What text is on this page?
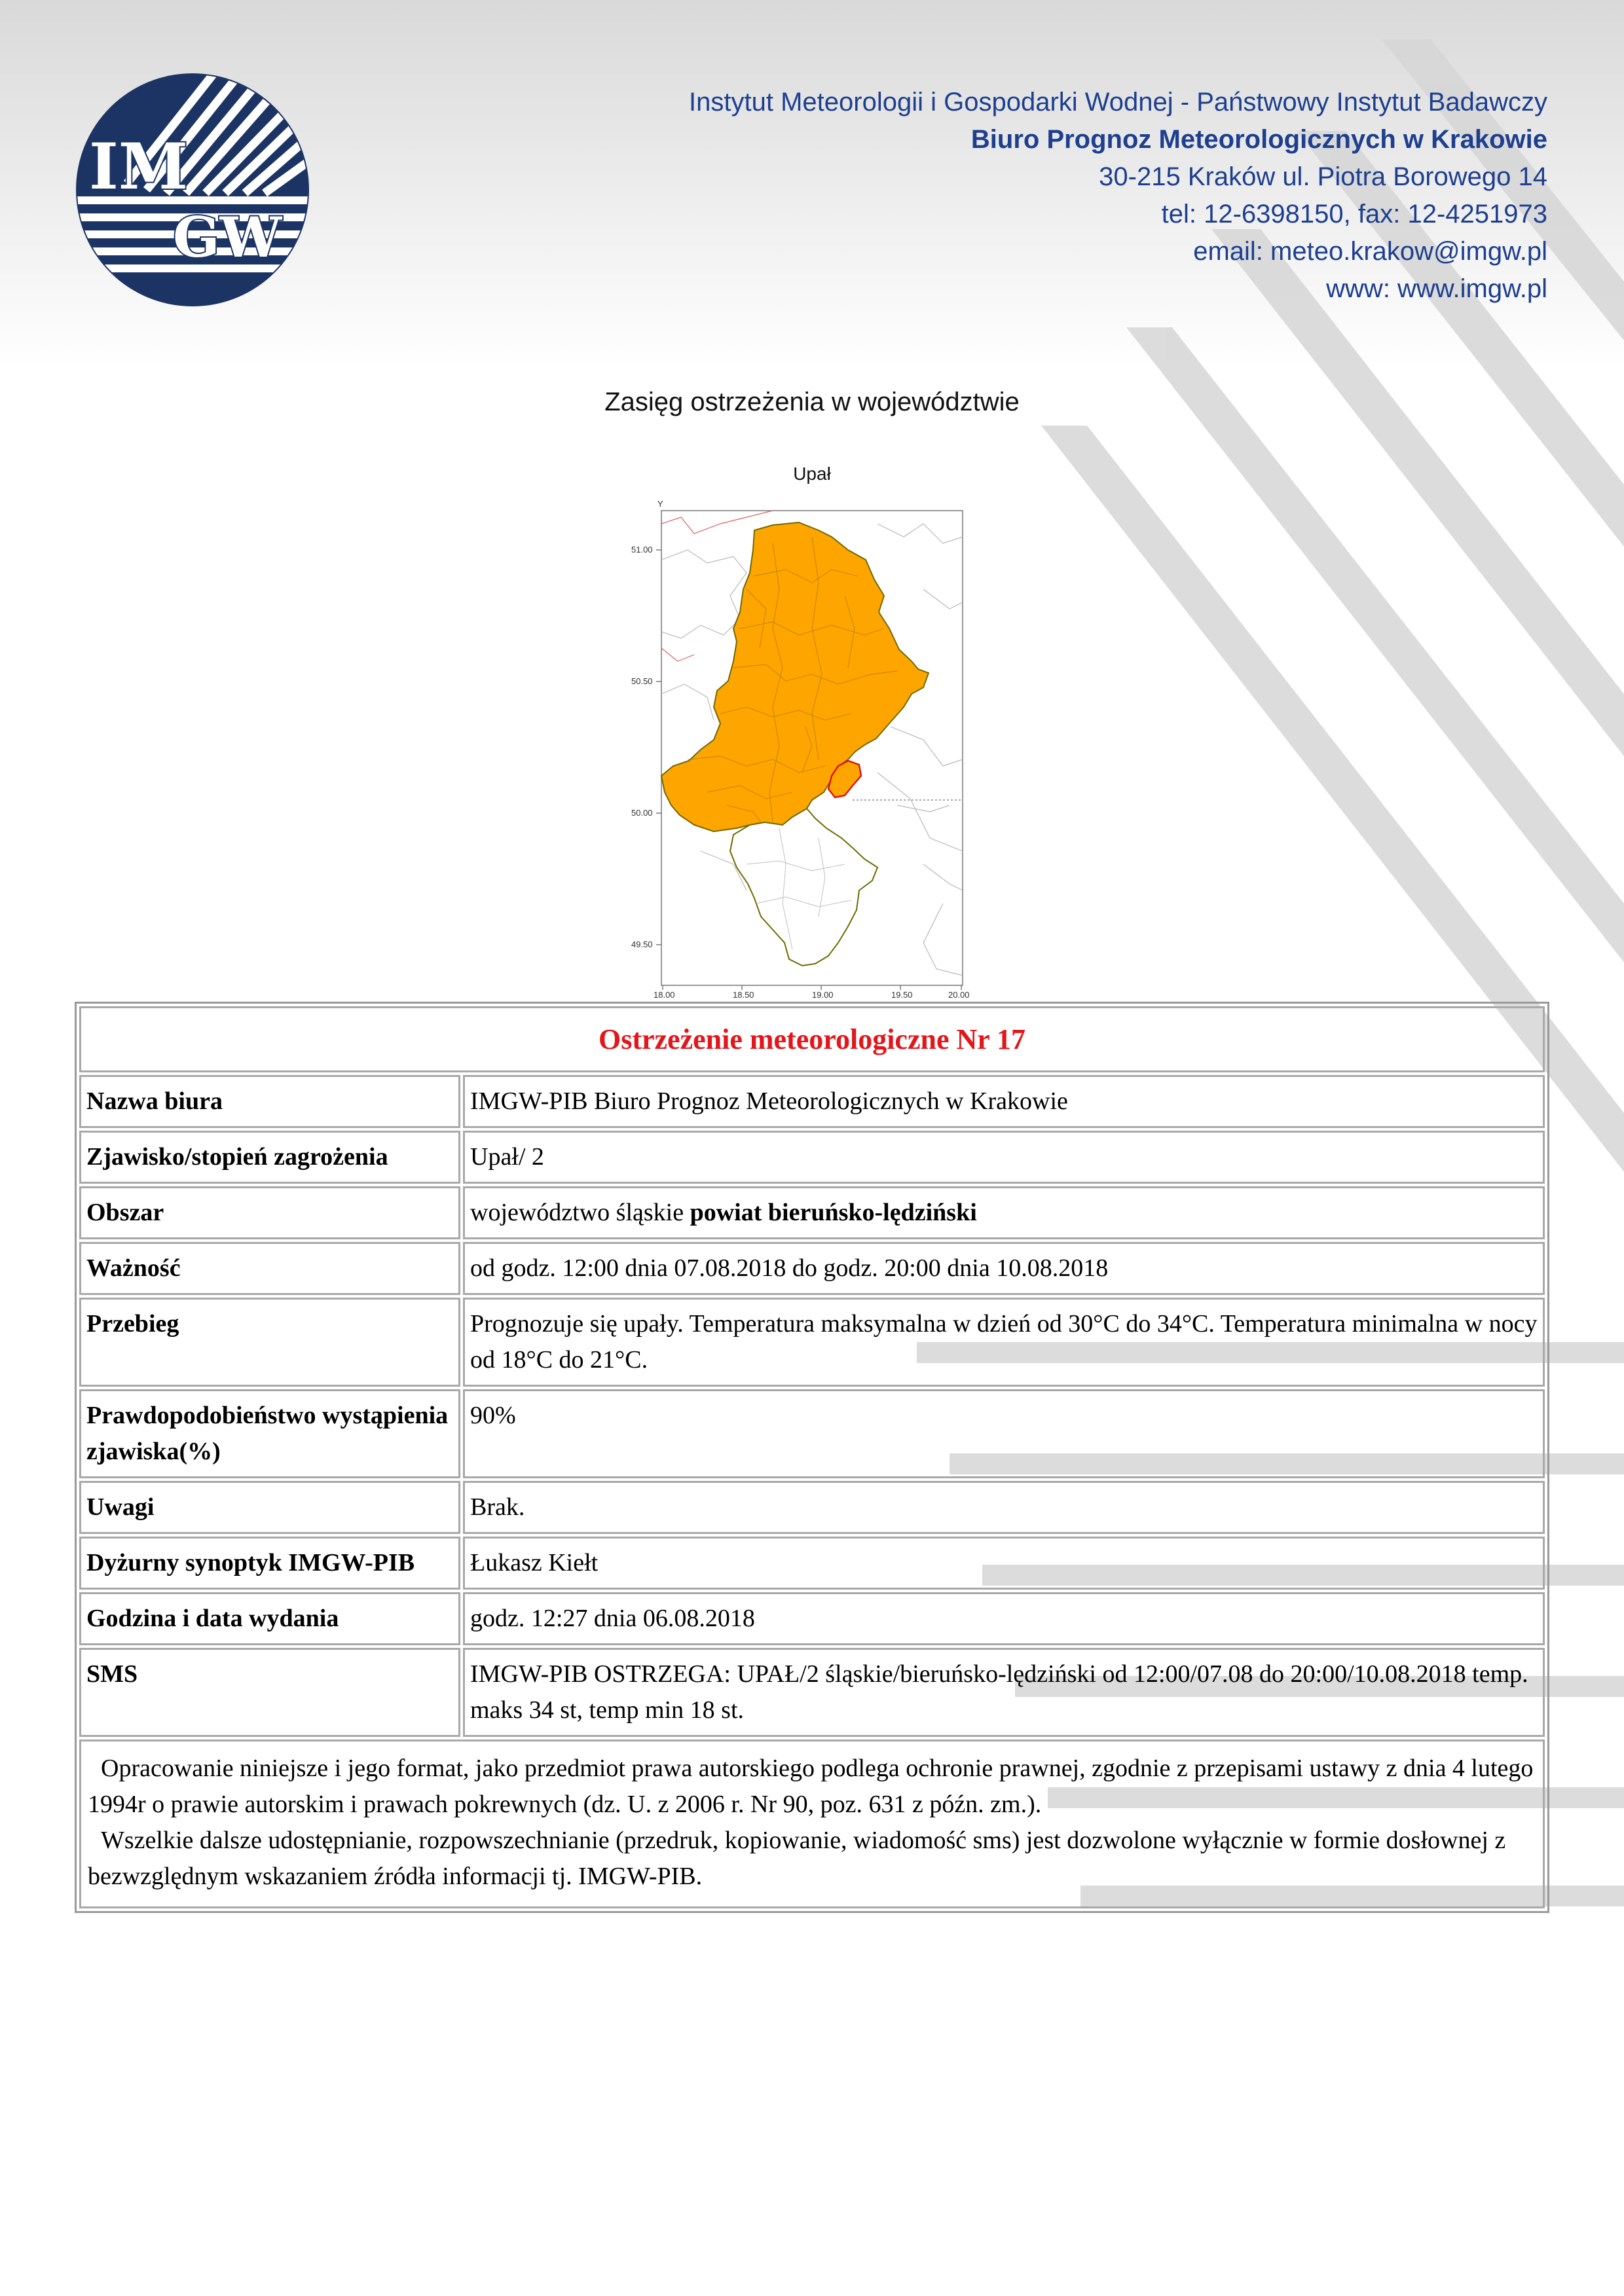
IM
GW
Instytut Meteorologii i Gospodarki Wodnej - Państwowy Instytut Badawczy
Biuro Prognoz Meteorologicznych w Krakowie
30-215 Kraków ul. Piotra Borowego 14
tel: 12-6398150, fax: 12-4251973
email: meteo.krakow@imgw.pl
www: www.imgw.pl
Zasięg ostrzeżenia w województwie
Upał
Y
51.00
50.50
50.00
49.50
18.00	18.50	19.00	19.50	20.00
Ostrzeżenie meteorologiczne Nr 17	
Nazwa biura	IMGW-PIB Biuro Prognoz Meteorologicznych w Krakowie
Zjawisko/stopień zagrożenia	Upał/ 2
Obszar	województwo śląskie powiat bieruńsko-lędziński
Ważność	od godz. 12:00 dnia 07.08.2018 do godz. 20:00 dnia 10.08.2018
Przebieg	Prognozuje się upały. Temperatura maksymalna w dzień od 30°C do 34°C. Temperatura minimalna w nocy od 18°C do 21°C.
Prawdopodobieństwo wystąpienia zjawiska(%)	90%
Uwagi	Brak.
Dyżurny synoptyk IMGW-PIB	Łukasz Kiełt
Godzina i data wydania	godz. 12:27 dnia 06.08.2018
SMS	IMGW-PIB OSTRZEGA: UPAŁ/2 śląskie/bieruńsko-lędziński od 12:00/07.08 do 20:00/10.08.2018 temp. maks 34 st, temp min 18 st.

Opracowanie niniejsze i jego format, jako przedmiot prawa autorskiego podlega ochronie prawnej, zgodnie z przepisami ustawy z dnia 4 lutego 1994r o prawie autorskim i prawach pokrewnych (dz. U. z 2006 r. Nr 90, poz. 631 z późn. zm.).

Wszelkie dalsze udostępnianie, rozpowszechnianie (przedruk, kopiowanie, wiadomość sms) jest dozwolone wyłącznie w formie dosłownej z bezwzględnym wskazaniem źródła informacji tj. IMGW-PIB.	
